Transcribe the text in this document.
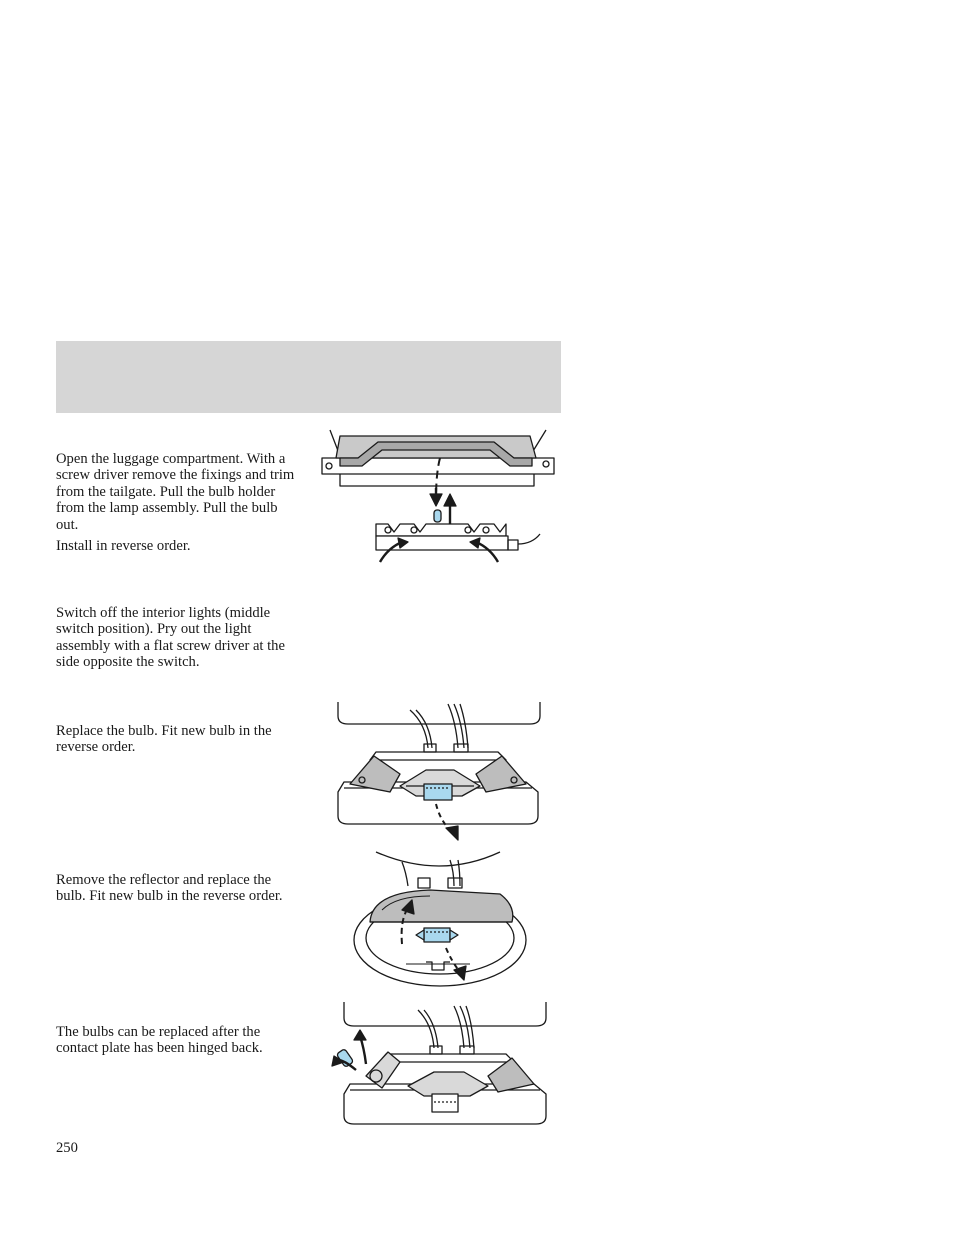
Open the luggage compartment. With a screw driver remove the fixings and trim from the tailgate. Pull the bulb holder from the lamp assembly. Pull the bulb out.

Install in reverse order.

Switch off the interior lights (middle switch position). Pry out the light assembly with a flat screw driver at the side opposite the switch.

Replace the bulb. Fit new bulb in the reverse order.

Remove the reflector and replace the bulb. Fit new bulb in the reverse order.

The bulbs can be replaced after the contact plate has been hinged back.

250
